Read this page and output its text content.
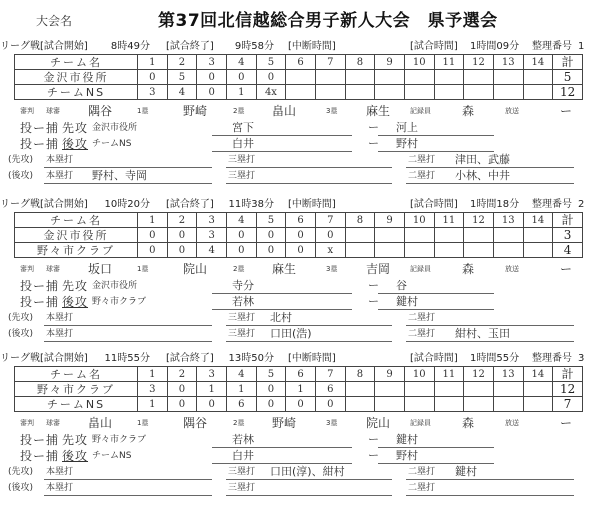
大会名	第37回北信越総合男子新人大会　県予選会
リーグ戦 [試合開始]	8時49分 [試合終了]	9時58分 [中断時間]	[試合時間] 1時間09分 整理番号 1
チーム名	1	2	3	4	5	6	7	8	9	10	11	12	13	14	計
金沢市役所	0	5	0	0	0										5
チームNS	3	4	0	1	4x										12
審判 球審 隅谷	1塁	野崎	2塁 畠山	3塁 麻生	記録員	森	放送	ー
投ー捕 先攻 金沢市役所	宮下	ー 河上
投ー捕 後攻 チームNS	白井	ー 野村
(先攻) 本塁打	三塁打	二塁打 津田、武藤
(後攻) 本塁打 野村、寺岡	三塁打	二塁打 小林、中井
リーグ戦 [試合開始]	10時20分 [試合終了]	11時38分 [中断時間]	[試合時間] 1時間18分 整理番号 2
チーム名	1	2	3	4	5	6	7	8	9	10	11	12	13	14	計
金沢市役所	0	0	3	0	0	0	0								3
野々市クラブ	0	0	4	0	0	0	x								4
審判 球審 坂口	1塁	院山	2塁 麻生	3塁 吉岡	記録員	森	放送	ー
投ー捕 先攻 金沢市役所	寺分	ー 谷
投ー捕 後攻 野々市クラブ	若林	ー 鍵村
(先攻) 本塁打	三塁打 北村	二塁打
(後攻) 本塁打	三塁打 口田(浩)	二塁打 紺村、玉田
リーグ戦 [試合開始]	11時55分 [試合終了]	13時50分 [中断時間]	[試合時間] 1時間55分 整理番号 3
チーム名	1	2	3	4	5	6	7	8	9	10	11	12	13	14	計
野々市クラブ	3	0	1	1	0	1	6								12
チームNS	1	0	0	6	0	0	0								7
審判 球審 畠山	1塁	隅谷	2塁 野崎	3塁 院山	記録員	森	放送	ー
投ー捕 先攻 野々市クラブ	若林	ー 鍵村
投ー捕 後攻 チームNS	白井	ー 野村
(先攻) 本塁打	三塁打 口田(淳)、紺村	二塁打 鍵村
(後攻) 本塁打	三塁打	二塁打
